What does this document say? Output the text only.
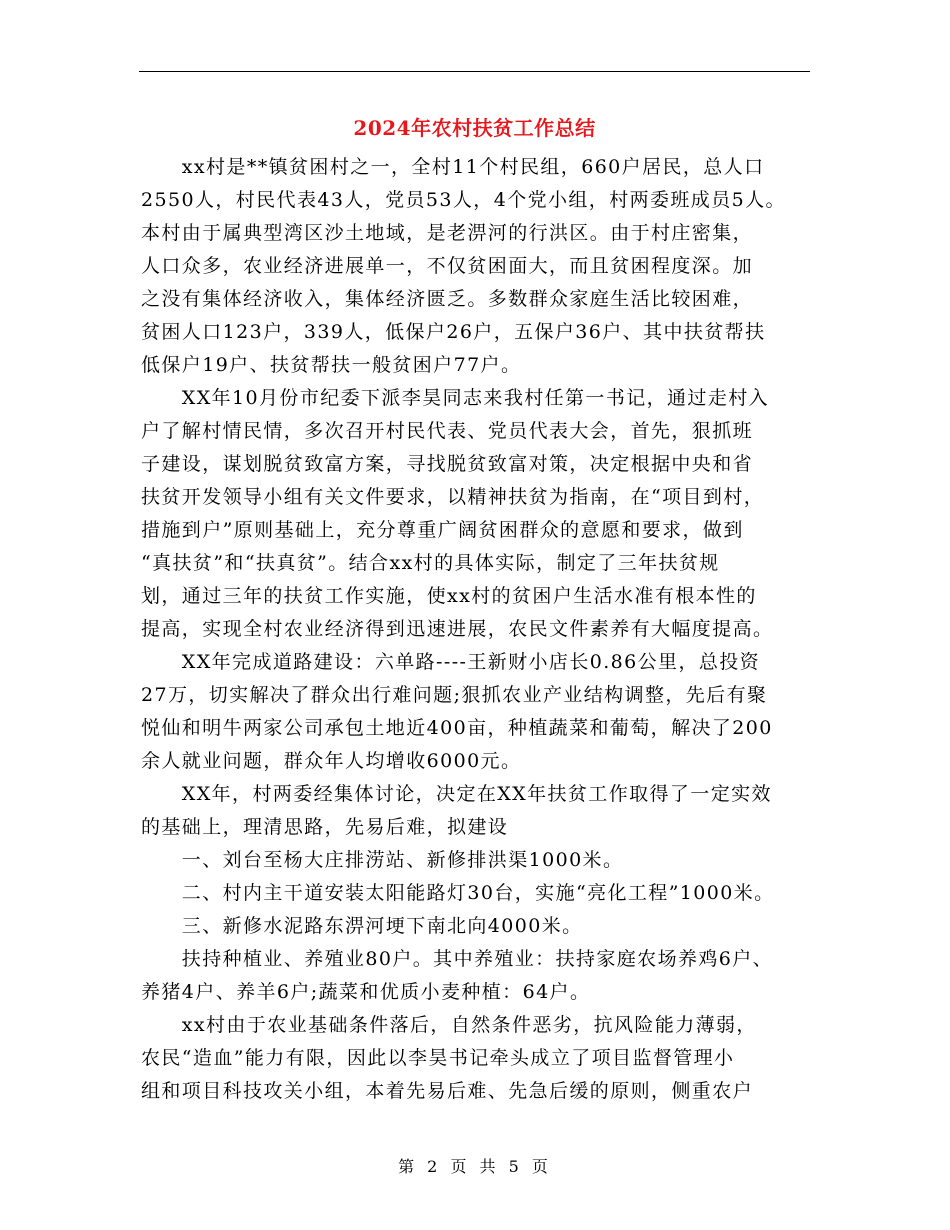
2024年农村扶贫工作总结
　　xx村是**镇贫困村之一，全村11个村民组，660户居民，总人口
2550人，村民代表43人，党员53人，4个党小组，村两委班成员5人。
本村由于属典型湾区沙土地域，是老淠河的行洪区。由于村庄密集，
人口众多，农业经济进展单一，不仅贫困面大，而且贫困程度深。加
之没有集体经济收入，集体经济匮乏。多数群众家庭生活比较困难，
贫困人口123户，339人，低保户26户，五保户36户、其中扶贫帮扶
低保户19户、扶贫帮扶一般贫困户77户。
　　XX年10月份市纪委下派李昊同志来我村任第一书记，通过走村入
户了解村情民情，多次召开村民代表、党员代表大会，首先，狠抓班
子建设，谋划脱贫致富方案，寻找脱贫致富对策，决定根据中央和省
扶贫开发领导小组有关文件要求，以精神扶贫为指南，在“项目到村，
措施到户”原则基础上，充分尊重广阔贫困群众的意愿和要求，做到
“真扶贫”和“扶真贫”。结合xx村的具体实际，制定了三年扶贫规
划，通过三年的扶贫工作实施，使xx村的贫困户生活水准有根本性的
提高，实现全村农业经济得到迅速进展，农民文件素养有大幅度提高。
　　XX年完成道路建设：六单路----王新财小店长0.86公里，总投资
27万，切实解决了群众出行难问题;狠抓农业产业结构调整，先后有聚
悦仙和明牛两家公司承包土地近400亩，种植蔬菜和葡萄，解决了200
余人就业问题，群众年人均增收6000元。
　　XX年，村两委经集体讨论，决定在XX年扶贫工作取得了一定实效
的基础上，理清思路，先易后难，拟建设
　　一、刘台至杨大庄排涝站、新修排洪渠1000米。
　　二、村内主干道安装太阳能路灯30台，实施“亮化工程”1000米。
　　三、新修水泥路东淠河埂下南北向4000米。
　　扶持种植业、养殖业80户。其中养殖业：扶持家庭农场养鸡6户、
养猪4户、养羊6户;蔬菜和优质小麦种植：64户。
　　xx村由于农业基础条件落后，自然条件恶劣，抗风险能力薄弱，
农民“造血”能力有限，因此以李昊书记牵头成立了项目监督管理小
组和项目科技攻关小组，本着先易后难、先急后缓的原则，侧重农户
第 2 页 共 5 页
